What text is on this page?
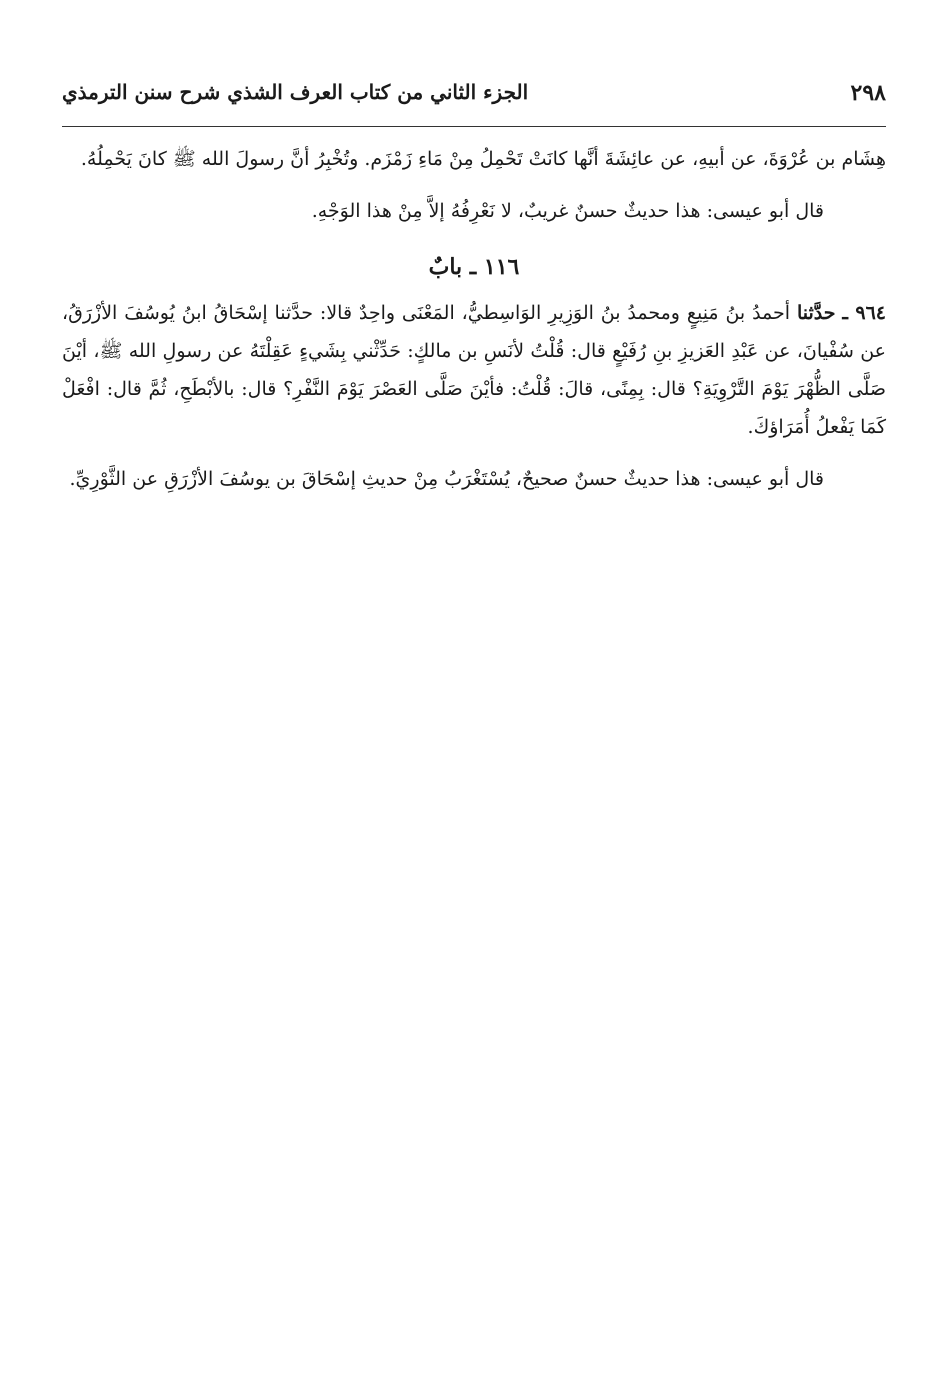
٢٩٨
الجزء الثاني من كتاب العرف الشذي شرح سنن الترمذي

هِشَام بن عُرْوَةَ، عن أبيهِ، عن عائِشَةَ أنَّها كانَتْ تَحْمِلُ مِنْ مَاءِ زَمْزَم. وتُخْبِرُ أنَّ رسولَ الله ﷺ كانَ يَحْمِلُهُ.

قال أبو عيسى: هذا حديثٌ حسنٌ غريبٌ، لا نَعْرِفُهُ إلاَّ مِنْ هذا الوَجْهِ.

١١٦ ـ بابٌ

٩٦٤ ـ حدَّثنا أحمدُ بنُ مَنِيعٍ ومحمدُ بنُ الوَزِيرِ الوَاسِطيُّ، المَعْنَى واحِدٌ قالا: حدَّثنا إسْحَاقُ ابنُ يُوسُفَ الأزْرَقُ، عن سُفْيانَ، عن عَبْدِ العَزيزِ بنِ رُفَيْعٍ قال: قُلْتُ لأنَسِ بن مالكٍ: حَدِّثْني بِشَيءٍ عَقِلْتَهُ عن رسولِ الله ﷺ، أيْنَ صَلَّى الظُّهْرَ يَوْمَ التَّرْوِيَةِ؟ قال: بِمِنًى، قالَ: قُلْتُ: فأيْنَ صَلَّى العَصْرَ يَوْمَ النَّفْرِ؟ قال: بالأبْطَحِ، ثُمَّ قال: افْعَلْ كَمَا يَفْعلُ أُمَرَاؤكَ.

قال أبو عيسى: هذا حديثٌ حسنٌ صحيحٌ، يُسْتَغْرَبُ مِنْ حديثِ إسْحَاقَ بن يوسُفَ الأزْرَقِ عن الثَّوْرِيِّ.
